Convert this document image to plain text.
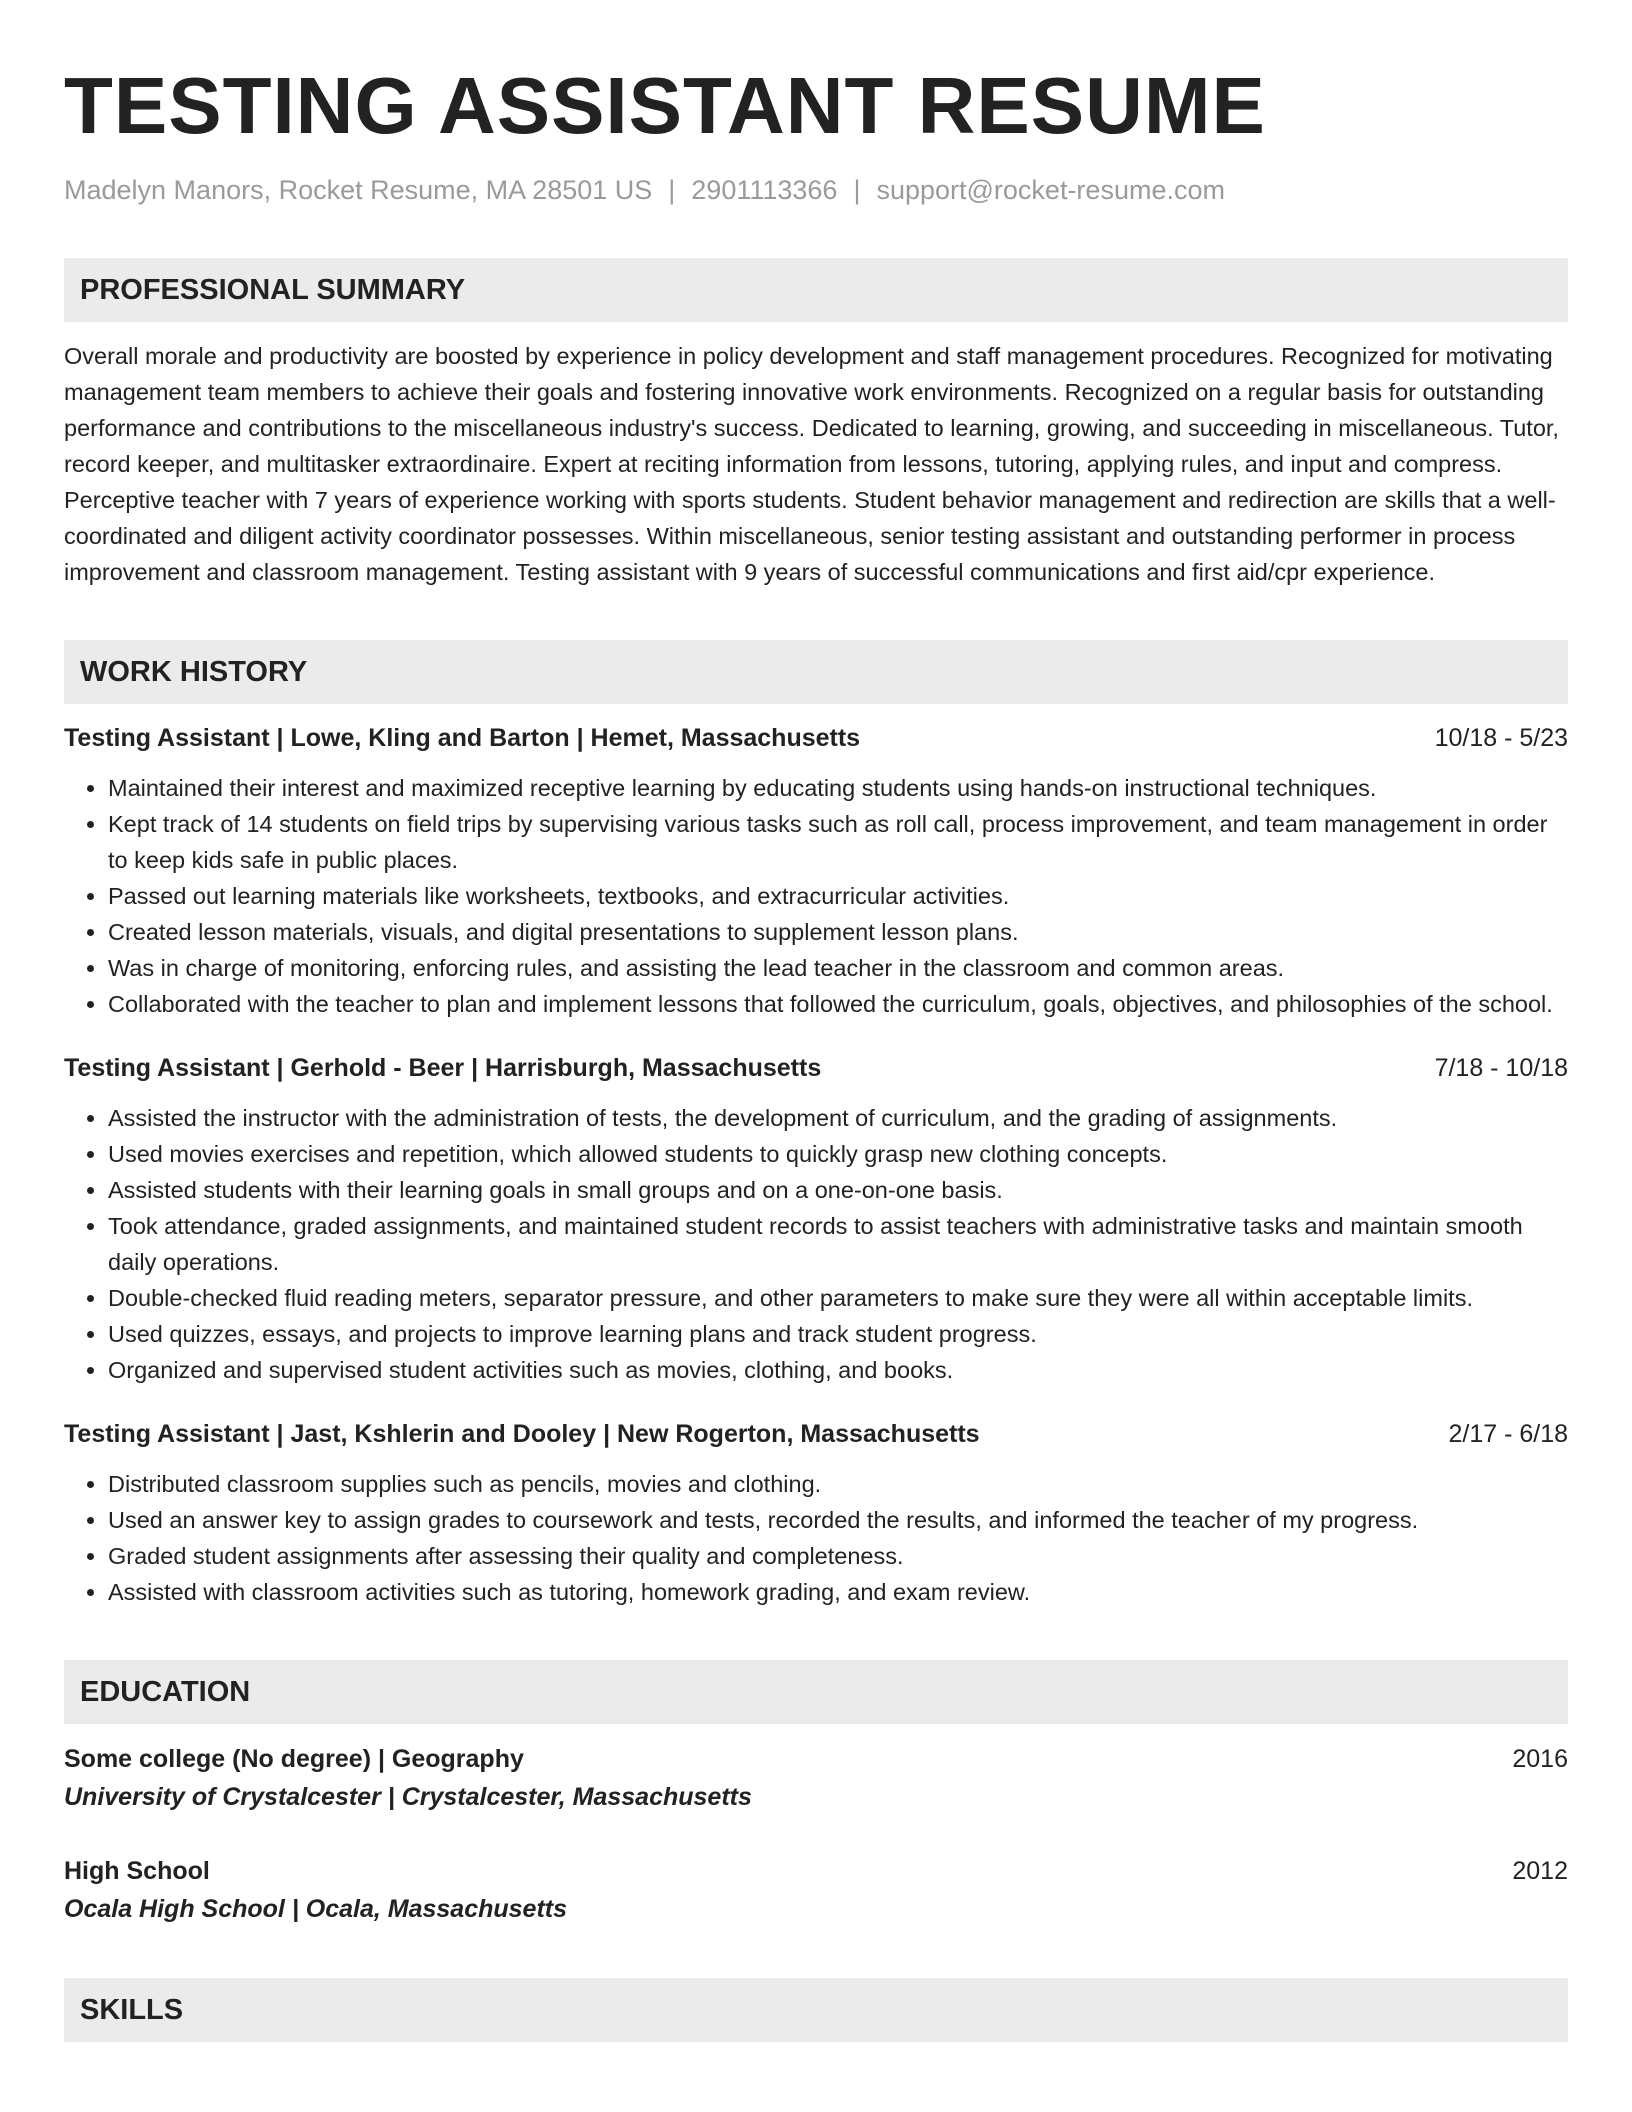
TESTING ASSISTANT RESUME
Madelyn Manors, Rocket Resume, MA 28501 US | 2901113366 | support@rocket-resume.com
PROFESSIONAL SUMMARY
Overall morale and productivity are boosted by experience in policy development and staff management procedures. Recognized for motivating management team members to achieve their goals and fostering innovative work environments. Recognized on a regular basis for outstanding performance and contributions to the miscellaneous industry's success. Dedicated to learning, growing, and succeeding in miscellaneous. Tutor, record keeper, and multitasker extraordinaire. Expert at reciting information from lessons, tutoring, applying rules, and input and compress. Perceptive teacher with 7 years of experience working with sports students. Student behavior management and redirection are skills that a well-coordinated and diligent activity coordinator possesses. Within miscellaneous, senior testing assistant and outstanding performer in process improvement and classroom management. Testing assistant with 9 years of successful communications and first aid/cpr experience.
WORK HISTORY
Testing Assistant | Lowe, Kling and Barton | Hemet, Massachusetts	10/18 - 5/23
• Maintained their interest and maximized receptive learning by educating students using hands-on instructional techniques.
• Kept track of 14 students on field trips by supervising various tasks such as roll call, process improvement, and team management in order to keep kids safe in public places.
• Passed out learning materials like worksheets, textbooks, and extracurricular activities.
• Created lesson materials, visuals, and digital presentations to supplement lesson plans.
• Was in charge of monitoring, enforcing rules, and assisting the lead teacher in the classroom and common areas.
• Collaborated with the teacher to plan and implement lessons that followed the curriculum, goals, objectives, and philosophies of the school.
Testing Assistant | Gerhold - Beer | Harrisburgh, Massachusetts	7/18 - 10/18
• Assisted the instructor with the administration of tests, the development of curriculum, and the grading of assignments.
• Used movies exercises and repetition, which allowed students to quickly grasp new clothing concepts.
• Assisted students with their learning goals in small groups and on a one-on-one basis.
• Took attendance, graded assignments, and maintained student records to assist teachers with administrative tasks and maintain smooth daily operations.
• Double-checked fluid reading meters, separator pressure, and other parameters to make sure they were all within acceptable limits.
• Used quizzes, essays, and projects to improve learning plans and track student progress.
• Organized and supervised student activities such as movies, clothing, and books.
Testing Assistant | Jast, Kshlerin and Dooley | New Rogerton, Massachusetts	2/17 - 6/18
• Distributed classroom supplies such as pencils, movies and clothing.
• Used an answer key to assign grades to coursework and tests, recorded the results, and informed the teacher of my progress.
• Graded student assignments after assessing their quality and completeness.
• Assisted with classroom activities such as tutoring, homework grading, and exam review.
EDUCATION
Some college (No degree) | Geography	2016
University of Crystalcester | Crystalcester, Massachusetts
High School	2012
Ocala High School | Ocala, Massachusetts
SKILLS
